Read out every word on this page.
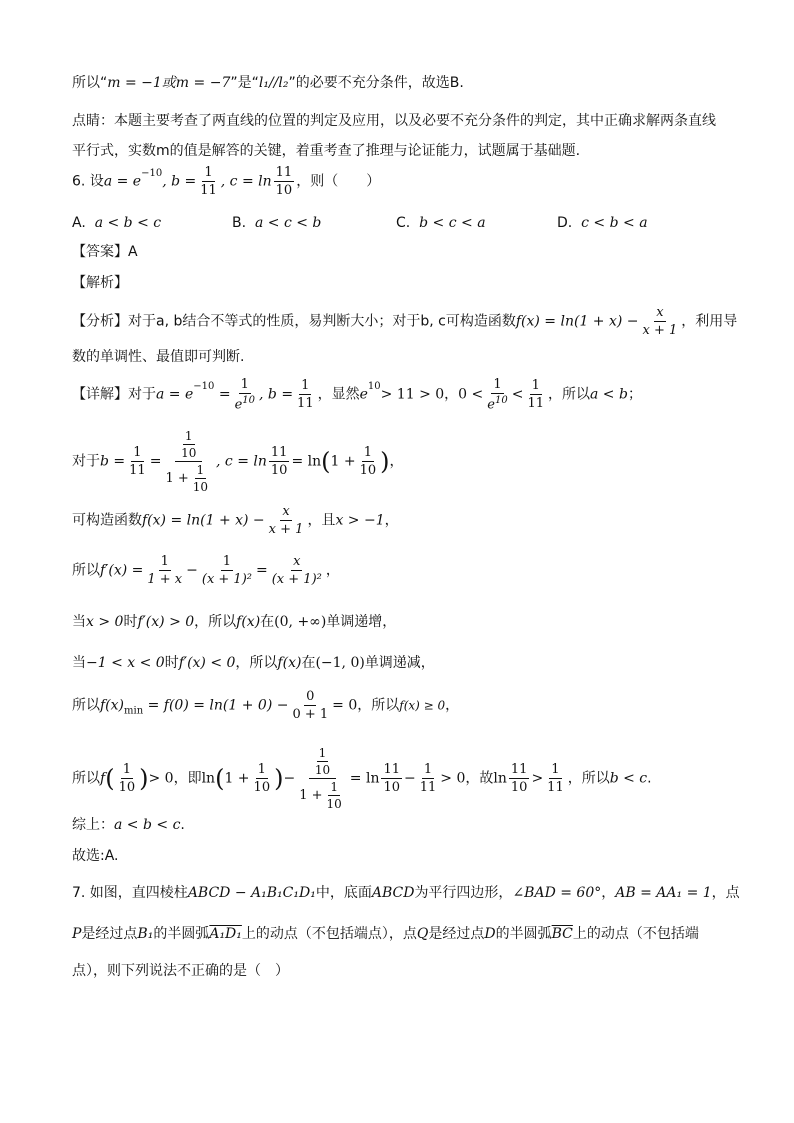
所以“m = −1或m = −7”是“l₁//l₂”的必要不充分条件，故选B.
点睛：本题主要考查了两直线的位置的判定及应用，以及必要不充分条件的判定，其中正确求解两条直线
平行式，实数m的值是解答的关键，着重考查了推理与论证能力，试题属于基础题.
6. 设$a = e^{-10}$, $b = \frac{1}{11}$ , $c = \ln \frac{11}{10}$ ，则（　　）
A. a < b < c	B. a < c < b	C. b < c < a	D. c < b < a
【答案】A
【解析】
【分析】对于a, b结合不等式的性质，易判断大小；对于b, c可构造函数$f(x) = \ln(1 + x) - \frac{x}{x + 1}$ ，利用导
数的单调性、最值即可判断.
【详解】对于$a = e^{-10} = \frac{1}{e^{10}}$ , $b = \frac{1}{11}$ ，显然$e^{10}> 11 > 0$，$0 < \frac{1}{e^{10}} < \frac{1}{11}$ ，所以a < b；
对于$b = \frac{1}{11} = \frac{\frac{1}{10}}{1 + \frac{1}{10}}$ , $c = \ln \frac{11}{10} = \ln(1 + \frac{1}{10}$ )，
可构造函数$f(x) = \ln(1 + x) - \frac{x}{x + 1}$ ，且x > −1，
所以$f'(x) = \frac{1}{1 + x} - \frac{1}{\text{(x + 1)²}} = \frac{x}{\text{(x + 1)²}}$ ，
当x > 0时f′(x) > 0，所以f(x)在(0, +∞)单调递增，
当−1 < x < 0时f′(x) < 0，所以f(x)在(−1, 0)单调递减，
所以$f(x)_{min} = f(0) = \ln(1 + 0) - \frac{0}{0 + 1} = 0$，所以f(x) ≥ 0，
所以$f( \frac{1}{10}$ )> 0，即$\ln(1 + \frac{1}{10}$ )− $\frac{\frac{1}{10}}{1 + \frac{1}{10}} = \ln \frac{11}{10} - \frac{1}{11} > 0$，故$\ln \frac{11}{10} > \frac{1}{11}$ ，所以b < c.
综上：a < b < c.
故选:A.
7. 如图，直四棱柱ABCD − A₁B₁C₁D₁中，底面ABCD为平行四边形，∠BAD = 60°，AB = AA₁ = 1，点
P是经过点B₁的半圆弧A₁D₁上的动点（不包括端点），点Q是经过点D的半圆弧$\overline{BC}$上的动点（不包括端
点），则下列说法不正确的是（　）
